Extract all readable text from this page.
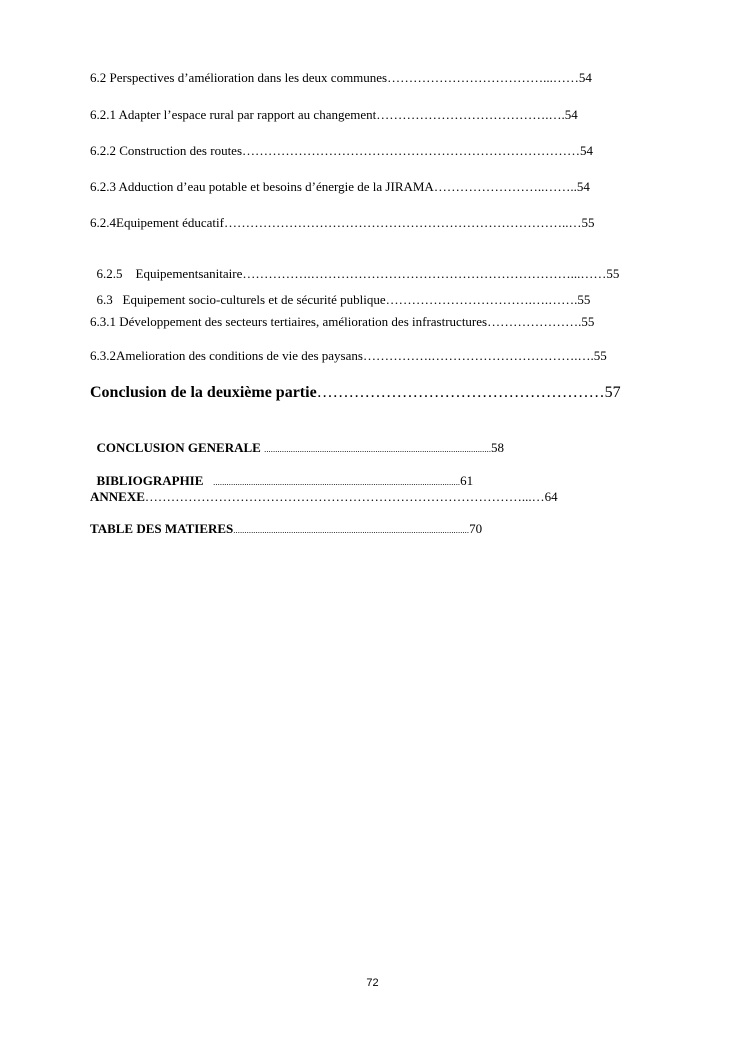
6.2 Perspectives d’amélioration dans les deux communes………………………………...……54
6.2.1 Adapter l’espace rural par rapport au changement………………………………….….54
6.2.2 Construction des routes……………………………………………………………………54
6.2.3 Adduction d’eau potable et besoins d’énergie de la JIRAMA……………………..……..54
6.2.4Equipement éducatif……………………………………………………………………..…55

6.2.5    Equipementsanitaire…………….……………………………………………………...……55

6.3   Equipement socio-culturels et de sécurité publique…………………………….….…….55

6.3.1 Développement des secteurs tertiaires, amélioration des infrastructures………………….55
6.3.2Amelioration des conditions de vie des paysans…………….…………………………….….55
Conclusion de la deuxième partie………………………………………………57

CONCLUSION GENERALE ......................................................................................................58

BIBLIOGRAPHIE   ...............................................................................................................61

ANNEXE……………………………………………………………………………...…64
TABLE DES MATIERES..........................................................................................................70
72
